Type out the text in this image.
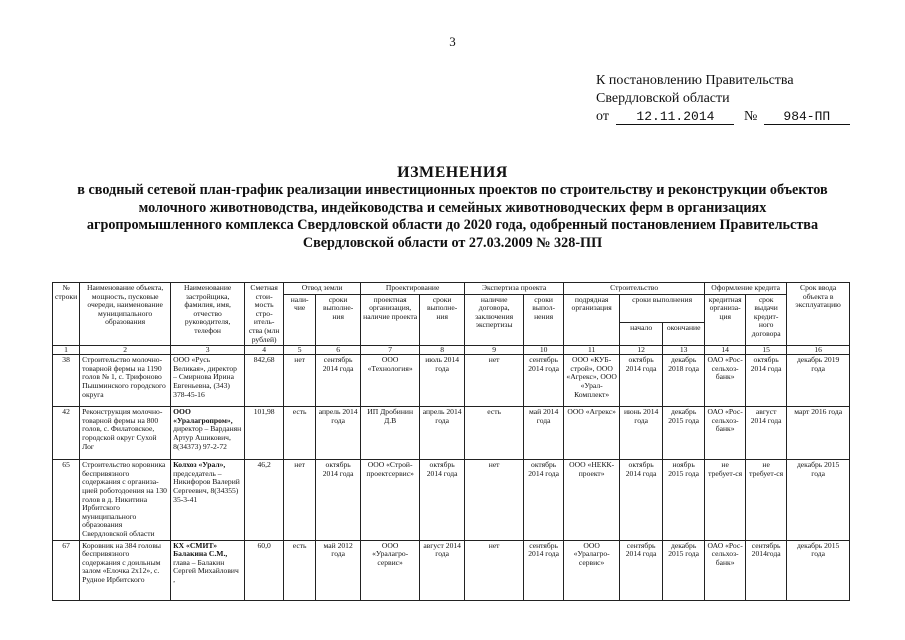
3
К постановлению Правительства
Свердловской области
от 12.11.2014 № 984-ПП
ИЗМЕНЕНИЯ
в сводный сетевой план-график реализации инвестиционных проектов по строительству и реконструкции объектов
молочного животноводства, индейководства и семейных животноводческих ферм в организациях
агропромышленного комплекса Свердловской области до 2020 года, одобренный постановлением Правительства
Свердловской области от 27.03.2009 № 328-ПП
№
строки	Наименование объекта, мощность, пусковые очереди, наименование муниципального образования	Наименование застройщика, фамилия, имя, отчество руководителя, телефон	Сметная стои-мость стро-итель-ства (млн рублей)	Отвод земли		Проектирование		Экспертиза проекта		Строительство			Оформление кредита		Срок ввода объекта в эксплуатацию
				нали-чие	сроки выполне-ния	проектная организация, наличие проекта	сроки выполне-ния	наличие договора, заключения экспертизы	сроки выпол-нения	подрядная организация	сроки выполнения		кредитная организа-ция	срок выдачи кредит-ного договора	
											начало	окончание			
1	2	3	4	5	6	7	8	9	10	11	12	13	14	15	16
38	Строительство молочно-товарной фермы на 1190 голов № 1, с. Трифоново Пышминского городского округа	ООО «Русь Великая», директор – Смирнова Ирина Евгеньевна, (343) 378-45-16	842,68	нет	сентябрь 2014 года	ООО «Технология»	июль 2014 года	нет	сентябрь 2014 года	ООО «КУБ-строй», ООО «Агрекс», ООО «Урал-Комплект»	октябрь 2014 года	декабрь 2018 года	ОАО «Рос-сельхоз-банк»	октябрь 2014 года	декабрь 2019 года
42	Реконструкция молочно-товарной фермы на 800 голов, с. Филатовское, городской округ Сухой Лог	ООО «Уралагропром», директор – Варданян Артур Ашикович, 8(34373) 97-2-72	101,98	есть	апрель 2014 года	ИП Дробинин Д.В	апрель 2014 года	есть	май 2014 года	ООО «Агрекс»	июнь 2014 года	декабрь 2015 года	ОАО «Рос-сельхоз-банк»	август 2014 года	март 2016 года
65	Строительство коровника беспривязного содержания с организа-цией роботодоения на 130 голов в д. Никитина Ирбитского муниципального образования Свердловской области	Колхоз «Урал», председатель – Никифоров Валерий Сергеевич, 8(34355) 35-3-41	46,2	нет	октябрь 2014 года	ООО «Строй-проектсервис»	октябрь 2014 года	нет	октябрь 2014 года	ООО «НЕКК-проект»	октябрь 2014 года	ноябрь 2015 года	не требует-ся	не требует-ся	декабрь 2015 года
67	Коровник на 384 головы беспривязного содержания с доильным залом «Елочка 2х12», с. Руднoе Ирбитского	КХ «СМИТ» Балакина С.М., глава – Балакин Сергей Михайлович ,	60,0	есть	май 2012 года	ООО «Уралагро-сервис»	август 2014 года	нет	сентябрь 2014 года	ООО «Уралагро-сервис»	сентябрь 2014 года	декабрь 2015 года	ОАО «Рос-сельхоз-банк»	сентябрь 2014года	декабрь 2015 года
